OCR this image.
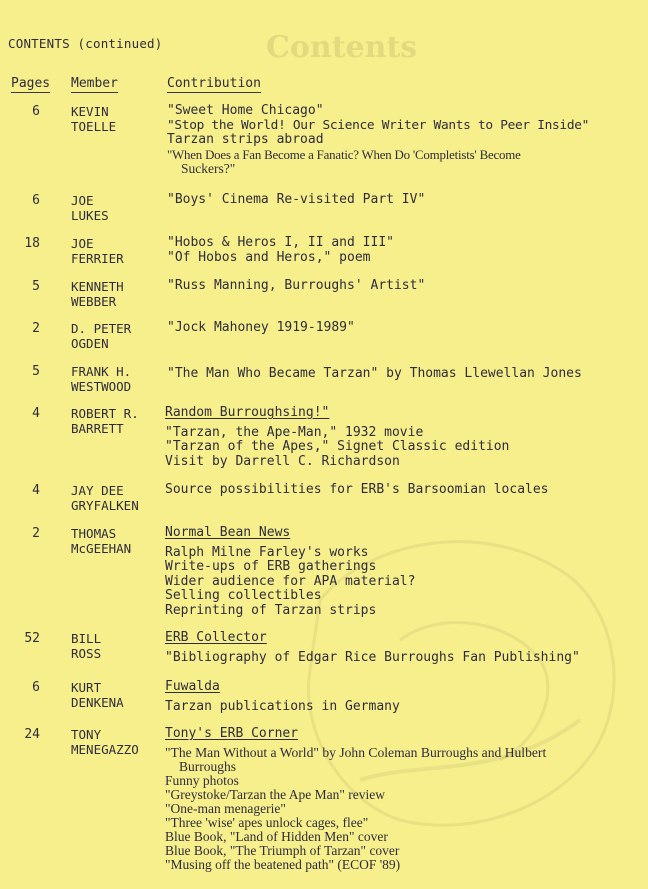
Contents
CONTENTS (continued)
Pages Member	Contribution
6 KEVIN
TOELLE
"Sweet Home Chicago"
"Stop the World! Our Science Writer Wants to Peer Inside"
Tarzan strips abroad
"When Does a Fan Become a Fanatic? When Do 'Completists' Become
Suckers?"
6 JOE
LUKES
"Boys' Cinema Re-visited Part IV"
18 JOE
FERRIER
"Hobos & Heros I, II and III"
"Of Hobos and Heros," poem
5 KENNETH
WEBBER
"Russ Manning, Burroughs' Artist"
2 D. PETER
OGDEN
"Jock Mahoney 1919-1989"
5 FRANK H.
WESTWOOD
"The Man Who Became Tarzan" by Thomas Llewellan Jones
4 ROBERT R.
BARRETT
Random Burroughsing!"
"Tarzan, the Ape-Man," 1932 movie
"Tarzan of the Apes," Signet Classic edition
Visit by Darrell C. Richardson
4 JAY DEE
GRYFALKEN
Source possibilities for ERB's Barsoomian locales
2 THOMAS
McGEEHAN
Normal Bean News
Ralph Milne Farley's works
Write-ups of ERB gatherings
Wider audience for APA material?
Selling collectibles
Reprinting of Tarzan strips
52 BILL
ROSS
ERB Collector
"Bibliography of Edgar Rice Burroughs Fan Publishing"
6 KURT
DENKENA
Fuwalda
Tarzan publications in Germany
24 TONY
MENEGAZZO
Tony's ERB Corner
"The Man Without a World" by John Coleman Burroughs and Hulbert
Burroughs
Funny photos
"Greystoke/Tarzan the Ape Man" review
"One-man menagerie"
"Three 'wise' apes unlock cages, flee"
Blue Book, "Land of Hidden Men" cover
Blue Book, "The Triumph of Tarzan" cover
"Musing off the beatened path" (ECOF '89)
